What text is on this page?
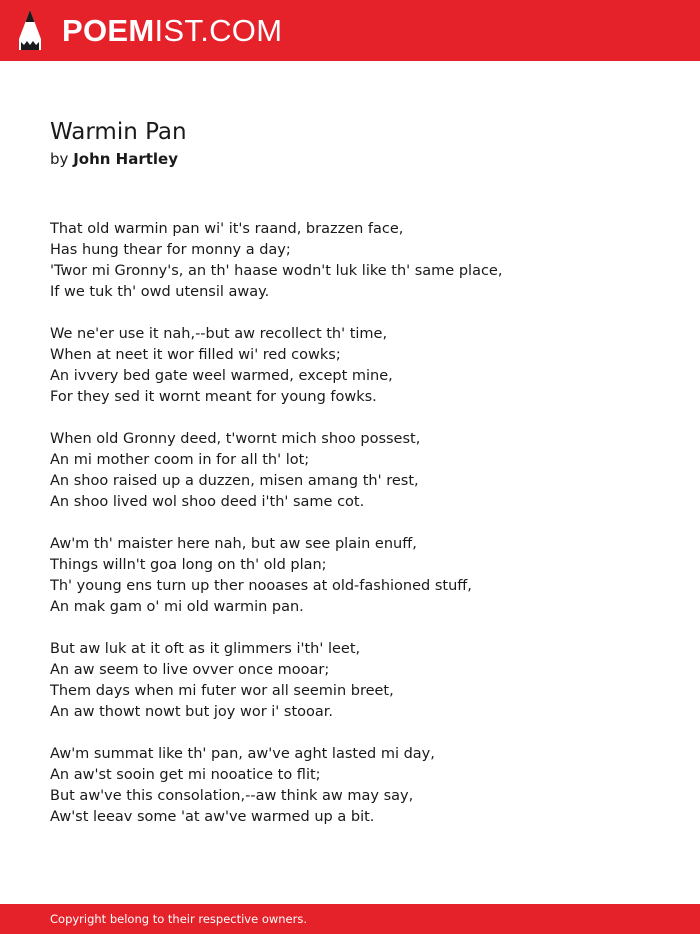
POEMIST.COM
Warmin Pan
by John Hartley
That old warmin pan wi' it's raand, brazzen face,
Has hung thear for monny a day;
'Twor mi Gronny's, an th' haase wodn't luk like th' same place,
If we tuk th' owd utensil away.
We ne'er use it nah,--but aw recollect th' time,
When at neet it wor filled wi' red cowks;
An ivvery bed gate weel warmed, except mine,
For they sed it wornt meant for young fowks.
When old Gronny deed, t'wornt mich shoo possest,
An mi mother coom in for all th' lot;
An shoo raised up a duzzen, misen amang th' rest,
An shoo lived wol shoo deed i'th' same cot.
Aw'm th' maister here nah, but aw see plain enuff,
Things willn't goa long on th' old plan;
Th' young ens turn up ther nooases at old-fashioned stuff,
An mak gam o' mi old warmin pan.
But aw luk at it oft as it glimmers i'th' leet,
An aw seem to live ovver once mooar;
Them days when mi futer wor all seemin breet,
An aw thowt nowt but joy wor i' stooar.
Aw'm summat like th' pan, aw've aght lasted mi day,
An aw'st sooin get mi nooatice to flit;
But aw've this consolation,--aw think aw may say,
Aw'st leeav some 'at aw've warmed up a bit.
Copyright belong to their respective owners.
